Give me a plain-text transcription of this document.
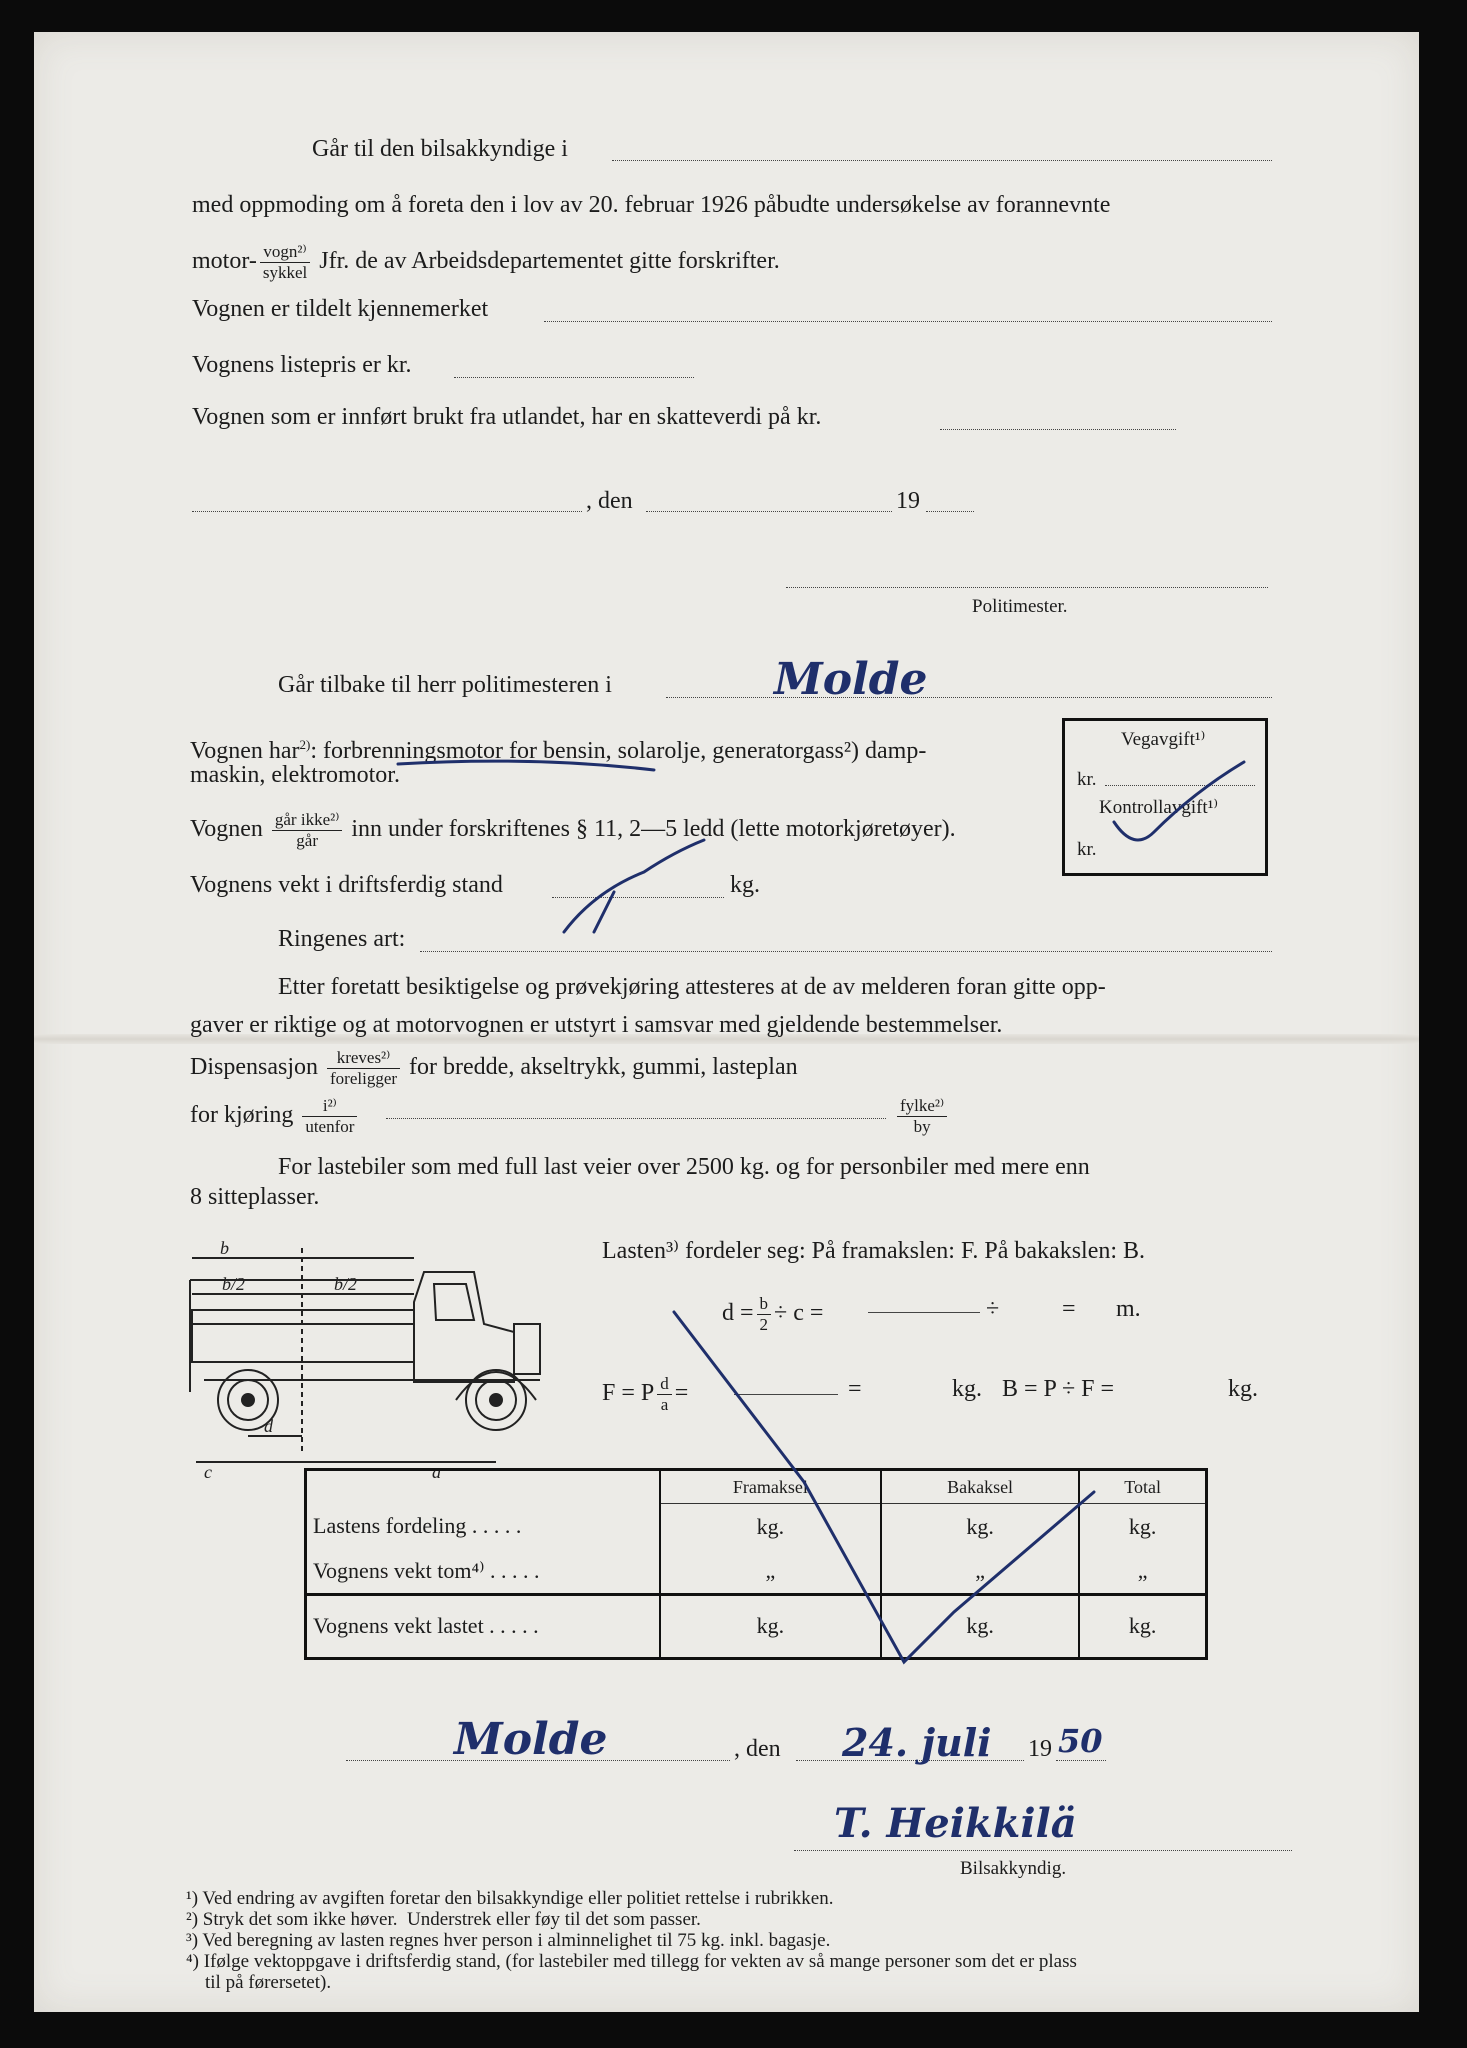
Går til den bilsakkyndige i
med oppmoding om å foreta den i lov av 20. februar 1926 påbudte undersøkelse av forannevnte
motor- $\frac{\text{vogn²⁾}}{\text{sykkel}}$ Jfr. de av Arbeidsdepartementet gitte forskrifter.
Vognen er tildelt kjennemerket
Vognens listepris er kr.
Vognen som er innført brukt fra utlandet, har en skatteverdi på kr.
, den	19
Politimester.
Går tilbake til herr politimesteren i	Molde
Vognen har$^{2)}$: forbrenningsmotor for bensin, solarolje, generatorgass²) damp-
maskin, elektromotor.
Vognen $\frac{\text{går ikke²⁾}}{\text{går}}$ inn under forskriftenes § 11, 2—5 ledd (lette motorkjøretøyer).
Vognens vekt i driftsferdig stand	kg.
Ringenes art:
Vegavgift¹⁾
kr.
Kontrollavgift¹⁾
kr.
Etter foretatt besiktigelse og prøvekjøring attesteres at de av melderen foran gitte opp-
gaver er riktige og at motorvognen er utstyrt i samsvar med gjeldende bestemmelser.
Dispensasjon $\frac{\text{kreves²⁾}}{\text{foreligger}}$ for bredde, akseltrykk, gummi, lasteplan
for kjøring $\frac{\text{i²⁾}}{\text{utenfor}}$	$\frac{\text{fylke²⁾}}{by}$
For lastebiler som med full last veier over 2500 kg. og for personbiler med mere enn
8 sitteplasser.
b
b/2	b/2
d
c	a
Lasten³⁾ fordeler seg: På framakslen: F. På bakakslen: B.
$d = \frac{b}{2} \div c$ =	÷	= m.
F = P $\frac{d}{a}$ =	=	kg. B = P ÷ F =	kg.
	Framaksel	Bakaksel	Total
Lastens fordeling . . . . .	kg.	kg.	kg.
Vognens vekt tom⁴⁾ . . . . .	„	„	„
Vognens vekt lastet . . . . .	kg.	kg.	kg.
Molde	, den 24. juli 19 50
T. Heikkilä
Bilsakkyndig.
¹) Ved endring av avgiften foretar den bilsakkyndige eller politiet rettelse i rubrikken.
²) Stryk det som ikke høver.  Understrek eller føy til det som passer.
³) Ved beregning av lasten regnes hver person i alminnelighet til 75 kg. inkl. bagasje.
⁴) Ifølge vektoppgave i driftsferdig stand, (for lastebiler med tillegg for vekten av så mange personer som det er plass
til på førersetet).
